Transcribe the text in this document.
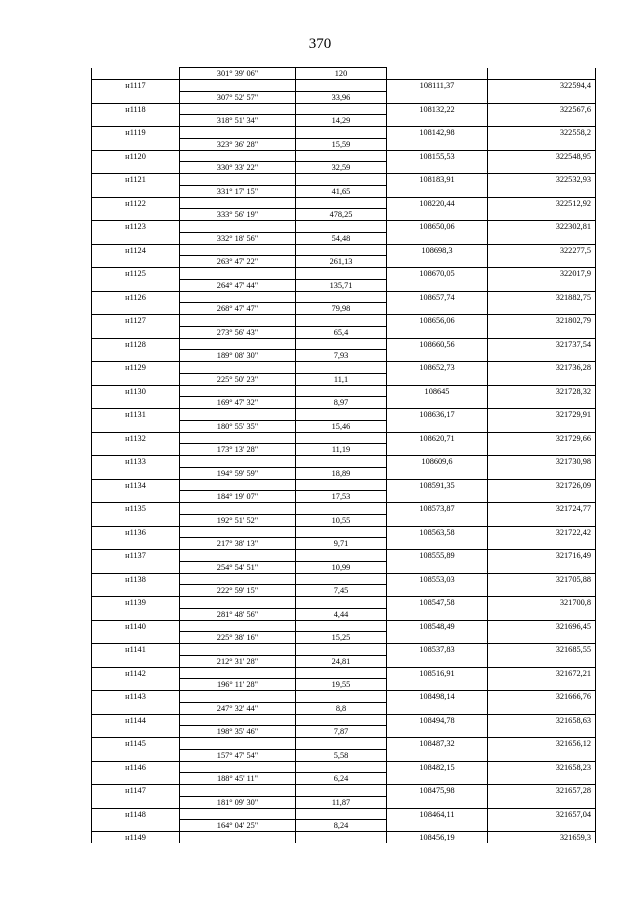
370
	301° 39' 06"	120		
н1117			108111,37	322594,4
	307° 52' 57"	33,96		
н1118			108132,22	322567,6
	318° 51' 34"	14,29		
н1119			108142,98	322558,2
	323° 36' 28"	15,59		
н1120			108155,53	322548,95
	330° 33' 22"	32,59		
н1121			108183,91	322532,93
	331° 17' 15"	41,65		
н1122			108220,44	322512,92
	333° 56' 19"	478,25		
н1123			108650,06	322302,81
	332° 18' 56"	54,48		
н1124			108698,3	322277,5
	263° 47' 22"	261,13		
н1125			108670,05	322017,9
	264° 47' 44"	135,71		
н1126			108657,74	321882,75
	268° 47' 47"	79,98		
н1127			108656,06	321802,79
	273° 56' 43"	65,4		
н1128			108660,56	321737,54
	189° 08' 30"	7,93		
н1129			108652,73	321736,28
	225° 50' 23"	11,1		
н1130			108645	321728,32
	169° 47' 32"	8,97		
н1131			108636,17	321729,91
	180° 55' 35"	15,46		
н1132			108620,71	321729,66
	173° 13' 28"	11,19		
н1133			108609,6	321730,98
	194° 59' 59"	18,89		
н1134			108591,35	321726,09
	184° 19' 07"	17,53		
н1135			108573,87	321724,77
	192° 51' 52"	10,55		
н1136			108563,58	321722,42
	217° 38' 13"	9,71		
н1137			108555,89	321716,49
	254° 54' 51"	10,99		
н1138			108553,03	321705,88
	222° 59' 15"	7,45		
н1139			108547,58	321700,8
	281° 48' 56"	4,44		
н1140			108548,49	321696,45
	225° 38' 16"	15,25		
н1141			108537,83	321685,55
	212° 31' 28"	24,81		
н1142			108516,91	321672,21
	196° 11' 28"	19,55		
н1143			108498,14	321666,76
	247° 32' 44"	8,8		
н1144			108494,78	321658,63
	198° 35' 46"	7,87		
н1145			108487,32	321656,12
	157° 47' 54"	5,58		
н1146			108482,15	321658,23
	188° 45' 11"	6,24		
н1147			108475,98	321657,28
	181° 09' 30"	11,87		
н1148			108464,11	321657,04
	164° 04' 25"	8,24		
н1149			108456,19	321659,3
